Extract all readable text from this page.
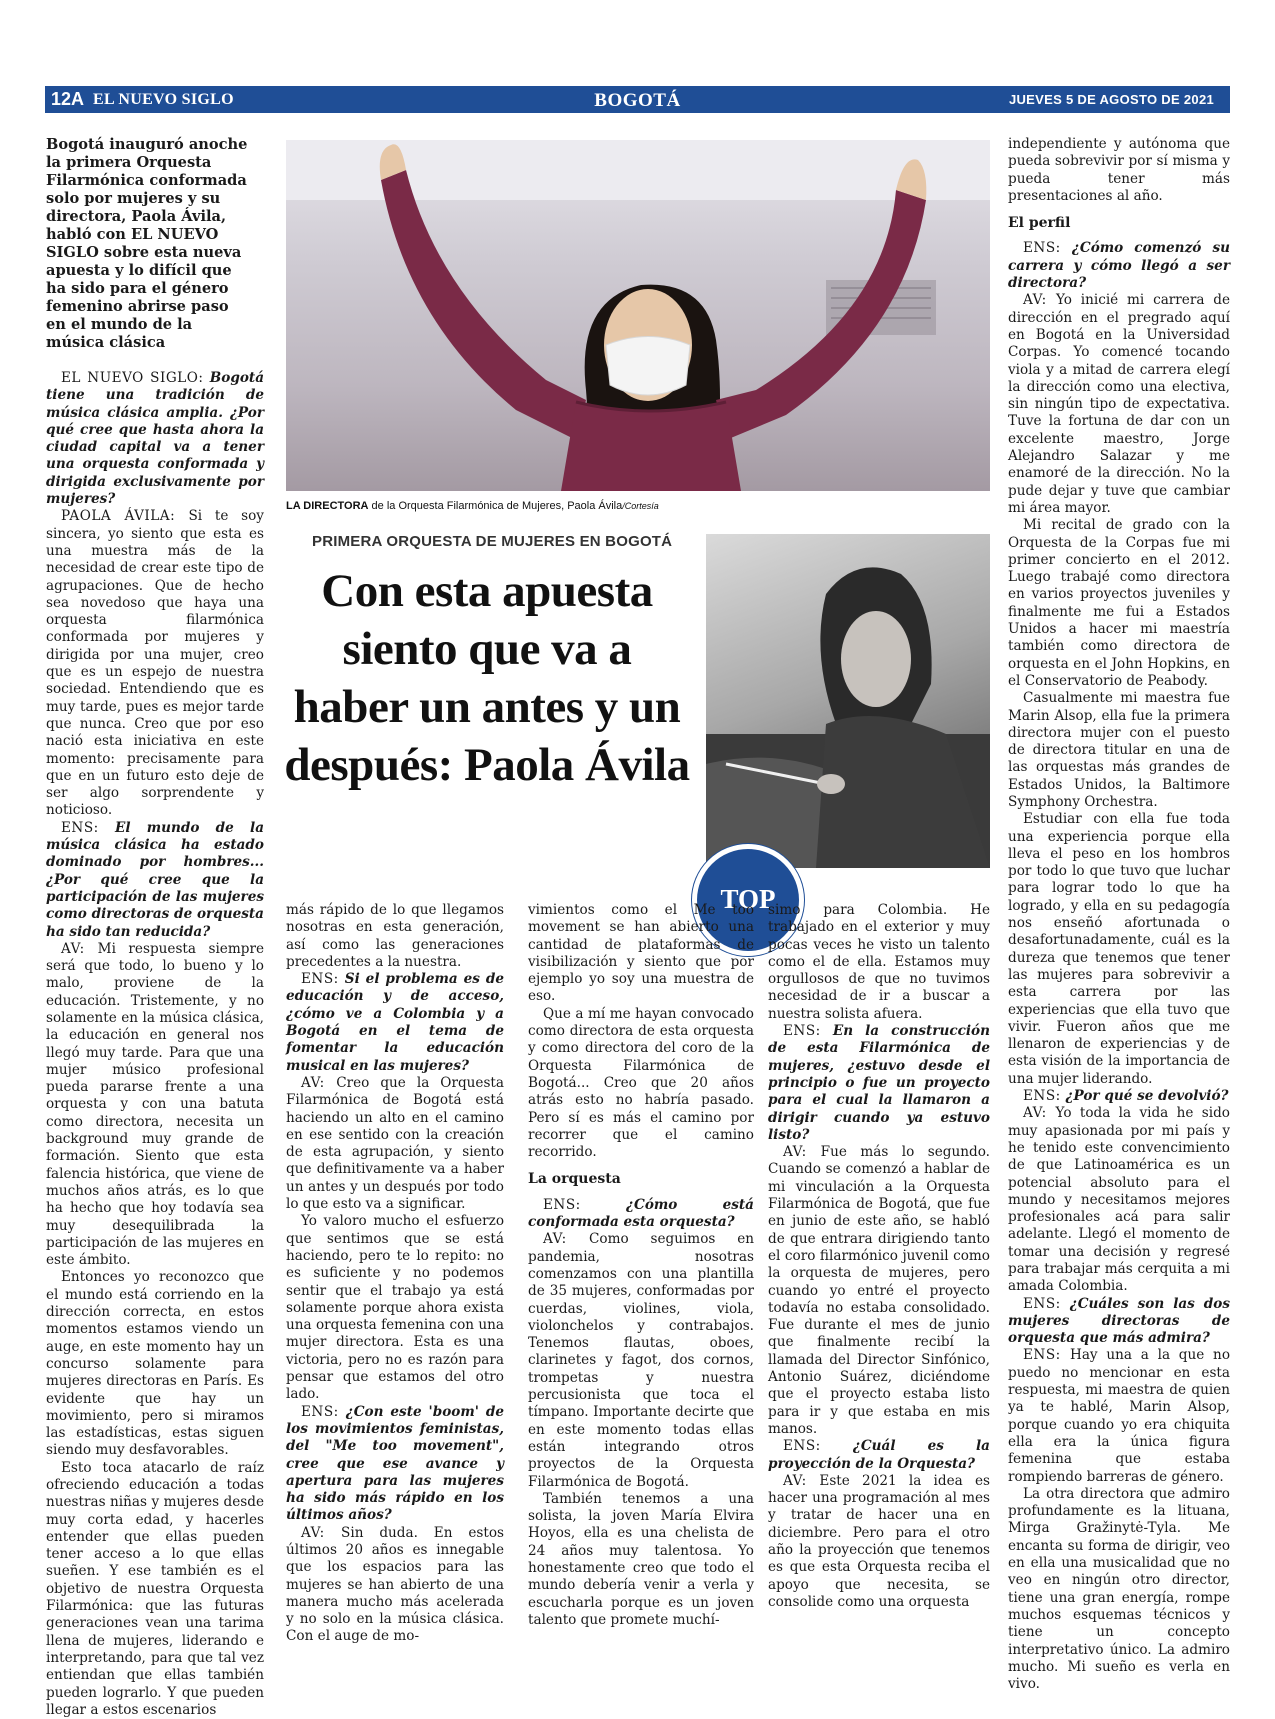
12A EL NUEVO SIGLO	BOGOTÁ	JUEVES 5 DE AGOSTO DE 2021
Bogotá inauguró anoche la primera Orquesta Filarmónica conformada solo por mujeres y su directora, Paola Ávila, habló con EL NUEVO SIGLO sobre esta nueva apuesta y lo difícil que ha sido para el género femenino abrirse paso en el mundo de la música clásica

EL NUEVO SIGLO: Bogotá tiene una tradición de música clásica amplia. ¿Por qué cree que hasta ahora la ciudad capital va a tener una orquesta conformada y dirigida exclusivamente por mujeres?

PAOLA ÁVILA: Si te soy sincera, yo siento que esta es una muestra más de la necesidad de crear este tipo de agrupaciones. Que de hecho sea novedoso que haya una orquesta filarmónica conformada por mujeres y dirigida por una mujer, creo que es un espejo de nuestra sociedad. Entendiendo que es muy tarde, pues es mejor tarde que nunca. Creo que por eso nació esta iniciativa en este momento: precisamente para que en un futuro esto deje de ser algo sorprendente y noticioso.

ENS: El mundo de la música clásica ha estado dominado por hombres... ¿Por qué cree que la participación de las mujeres como directoras de orquesta ha sido tan reducida?

AV: Mi respuesta siempre será que todo, lo bueno y lo malo, proviene de la educación. Tristemente, y no solamente en la música clásica, la educación en general nos llegó muy tarde. Para que una mujer músico profesional pueda pararse frente a una orquesta y con una batuta como directora, necesita un background muy grande de formación. Siento que esta falencia histórica, que viene de muchos años atrás, es lo que ha hecho que hoy todavía sea muy desequilibrada la participación de las mujeres en este ámbito.

Entonces yo reconozco que el mundo está corriendo en la dirección correcta, en estos momentos estamos viendo un auge, en este momento hay un concurso solamente para mujeres directoras en París. Es evidente que hay un movimiento, pero si miramos las estadísticas, estas siguen siendo muy desfavorables.

Esto toca atacarlo de raíz ofreciendo educación a todas nuestras niñas y mujeres desde muy corta edad, y hacerles entender que ellas pueden tener acceso a lo que ellas sueñen. Y ese también es el objetivo de nuestra Orquesta Filarmónica: que las futuras generaciones vean una tarima llena de mujeres, liderando e interpretando, para que tal vez entiendan que ellas también pueden lograrlo. Y que pueden llegar a estos escenarios

LA DIRECTORA de la Orquesta Filarmónica de Mujeres, Paola Ávila/Cortesía
PRIMERA ORQUESTA DE MUJERES EN BOGOTÁ
Con esta apuesta siento que va a haber un antes y un después: Paola Ávila
TOP

más rápido de lo que llegamos nosotras en esta generación, así como las generaciones precedentes a la nuestra.

ENS: Si el problema es de educación y de acceso, ¿cómo ve a Colombia y a Bogotá en el tema de fomentar la educación musical en las mujeres?

AV: Creo que la Orquesta Filarmónica de Bogotá está haciendo un alto en el camino en ese sentido con la creación de esta agrupación, y siento que definitivamente va a haber un antes y un después por todo lo que esto va a significar.

Yo valoro mucho el esfuerzo que sentimos que se está haciendo, pero te lo repito: no es suficiente y no podemos sentir que el trabajo ya está solamente porque ahora exista una orquesta femenina con una mujer directora. Esta es una victoria, pero no es razón para pensar que estamos del otro lado.

ENS: ¿Con este 'boom' de los movimientos feministas, del "Me too movement", cree que ese avance y apertura para las mujeres ha sido más rápido en los últimos años?

AV: Sin duda. En estos últimos 20 años es innegable que los espacios para las mujeres se han abierto de una manera mucho más acelerada y no solo en la música clásica. Con el auge de mo-

vimientos como el Me too movement se han abierto una cantidad de plataformas de visibilización y siento que por ejemplo yo soy una muestra de eso.

Que a mí me hayan convocado como directora de esta orquesta y como directora del coro de la Orquesta Filarmónica de Bogotá... Creo que 20 años atrás esto no habría pasado. Pero sí es más el camino por recorrer que el camino recorrido.

La orquesta

ENS: ¿Cómo está conformada esta orquesta?

AV: Como seguimos en pandemia, nosotras comenzamos con una plantilla de 35 mujeres, conformadas por cuerdas, violines, viola, violonchelos y contrabajos. Tenemos flautas, oboes, clarinetes y fagot, dos cornos, trompetas y nuestra percusionista que toca el tímpano. Importante decirte que en este momento todas ellas están integrando otros proyectos de la Orquesta Filarmónica de Bogotá.

También tenemos a una solista, la joven María Elvira Hoyos, ella es una chelista de 24 años muy talentosa. Yo honestamente creo que todo el mundo debería venir a verla y escucharla porque es un joven talento que promete muchí-

simo para Colombia. He trabajado en el exterior y muy pocas veces he visto un talento como el de ella. Estamos muy orgullosos de que no tuvimos necesidad de ir a buscar a nuestra solista afuera.

ENS: En la construcción de esta Filarmónica de mujeres, ¿estuvo desde el principio o fue un proyecto para el cual la llamaron a dirigir cuando ya estuvo listo?

AV: Fue más lo segundo. Cuando se comenzó a hablar de mi vinculación a la Orquesta Filarmónica de Bogotá, que fue en junio de este año, se habló de que entrara dirigiendo tanto el coro filarmónico juvenil como la orquesta de mujeres, pero cuando yo entré el proyecto todavía no estaba consolidado. Fue durante el mes de junio que finalmente recibí la llamada del Director Sinfónico, Antonio Suárez, diciéndome que el proyecto estaba listo para ir y que estaba en mis manos.

ENS: ¿Cuál es la proyección de la Orquesta?

AV: Este 2021 la idea es hacer una programación al mes y tratar de hacer una en diciembre. Pero para el otro año la proyección que tenemos es que esta Orquesta reciba el apoyo que necesita, se consolide como una orquesta

independiente y autónoma que pueda sobrevivir por sí misma y pueda tener más presentaciones al año.

El perfil

ENS: ¿Cómo comenzó su carrera y cómo llegó a ser directora?

AV: Yo inicié mi carrera de dirección en el pregrado aquí en Bogotá en la Universidad Corpas. Yo comencé tocando viola y a mitad de carrera elegí la dirección como una electiva, sin ningún tipo de expectativa. Tuve la fortuna de dar con un excelente maestro, Jorge Alejandro Salazar y me enamoré de la dirección. No la pude dejar y tuve que cambiar mi área mayor.

Mi recital de grado con la Orquesta de la Corpas fue mi primer concierto en el 2012. Luego trabajé como directora en varios proyectos juveniles y finalmente me fui a Estados Unidos a hacer mi maestría también como directora de orquesta en el John Hopkins, en el Conservatorio de Peabody.

Casualmente mi maestra fue Marin Alsop, ella fue la primera directora mujer con el puesto de directora titular en una de las orquestas más grandes de Estados Unidos, la Baltimore Symphony Orchestra.

Estudiar con ella fue toda una experiencia porque ella lleva el peso en los hombros por todo lo que tuvo que luchar para lograr todo lo que ha logrado, y ella en su pedagogía nos enseñó afortunada o desafortunadamente, cuál es la dureza que tenemos que tener las mujeres para sobrevivir a esta carrera por las experiencias que ella tuvo que vivir. Fueron años que me llenaron de experiencias y de esta visión de la importancia de una mujer liderando.

ENS: ¿Por qué se devolvió?

AV: Yo toda la vida he sido muy apasionada por mi país y he tenido este convencimiento de que Latinoamérica es un potencial absoluto para el mundo y necesitamos mejores profesionales acá para salir adelante. Llegó el momento de tomar una decisión y regresé para trabajar más cerquita a mi amada Colombia.

ENS: ¿Cuáles son las dos mujeres directoras de orquesta que más admira?

ENS: Hay una a la que no puedo no mencionar en esta respuesta, mi maestra de quien ya te hablé, Marin Alsop, porque cuando yo era chiquita ella era la única figura femenina que estaba rompiendo barreras de género.

La otra directora que admiro profundamente es la lituana, Mirga Gražinytė-Tyla. Me encanta su forma de dirigir, veo en ella una musicalidad que no veo en ningún otro director, tiene una gran energía, rompe muchos esquemas técnicos y tiene un concepto interpretativo único. La admiro mucho. Mi sueño es verla en vivo.
